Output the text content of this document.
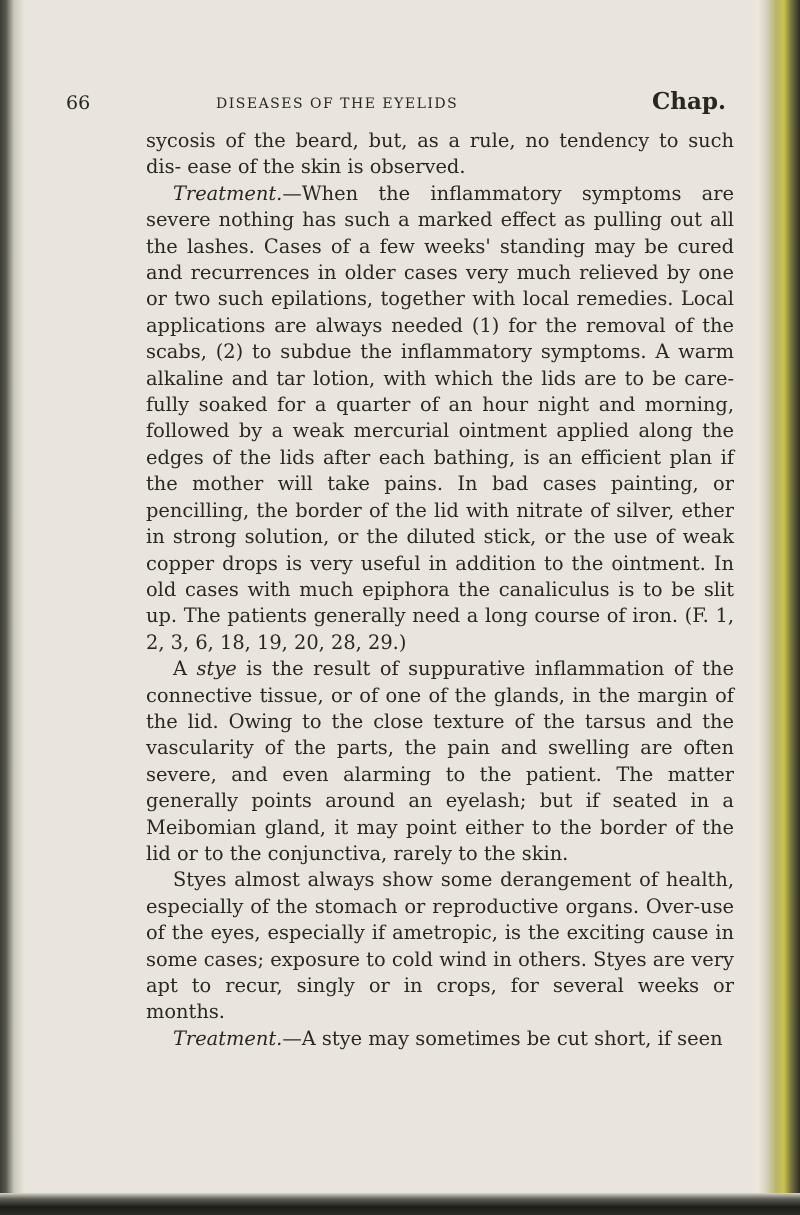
66	DISEASES OF THE EYELIDS	Chap.

sycosis of the beard, but, as a rule, no tendency to such dis- ease of the skin is observed.

Treatment.—When the inflammatory symptoms are severe nothing has such a marked effect as pulling out all the lashes. Cases of a few weeks' standing may be cured and recurrences in older cases very much relieved by one or two such epilations, together with local remedies. Local applications are always needed (1) for the removal of the scabs, (2) to subdue the inflammatory symptoms. A warm alkaline and tar lotion, with which the lids are to be care- fully soaked for a quarter of an hour night and morning, followed by a weak mercurial ointment applied along the edges of the lids after each bathing, is an efficient plan if the mother will take pains. In bad cases painting, or pencilling, the border of the lid with nitrate of silver, ether in strong solution, or the diluted stick, or the use of weak copper drops is very useful in addition to the ointment. In old cases with much epiphora the canaliculus is to be slit up. The patients generally need a long course of iron. (F. 1, 2, 3, 6, 18, 19, 20, 28, 29.)

A stye is the result of suppurative inflammation of the connective tissue, or of one of the glands, in the margin of the lid. Owing to the close texture of the tarsus and the vascularity of the parts, the pain and swelling are often severe, and even alarming to the patient. The matter generally points around an eyelash; but if seated in a Meibomian gland, it may point either to the border of the lid or to the conjunctiva, rarely to the skin.

Styes almost always show some derangement of health, especially of the stomach or reproductive organs. Over-use of the eyes, especially if ametropic, is the exciting cause in some cases; exposure to cold wind in others. Styes are very apt to recur, singly or in crops, for several weeks or months.

Treatment.—A stye may sometimes be cut short, if seen
